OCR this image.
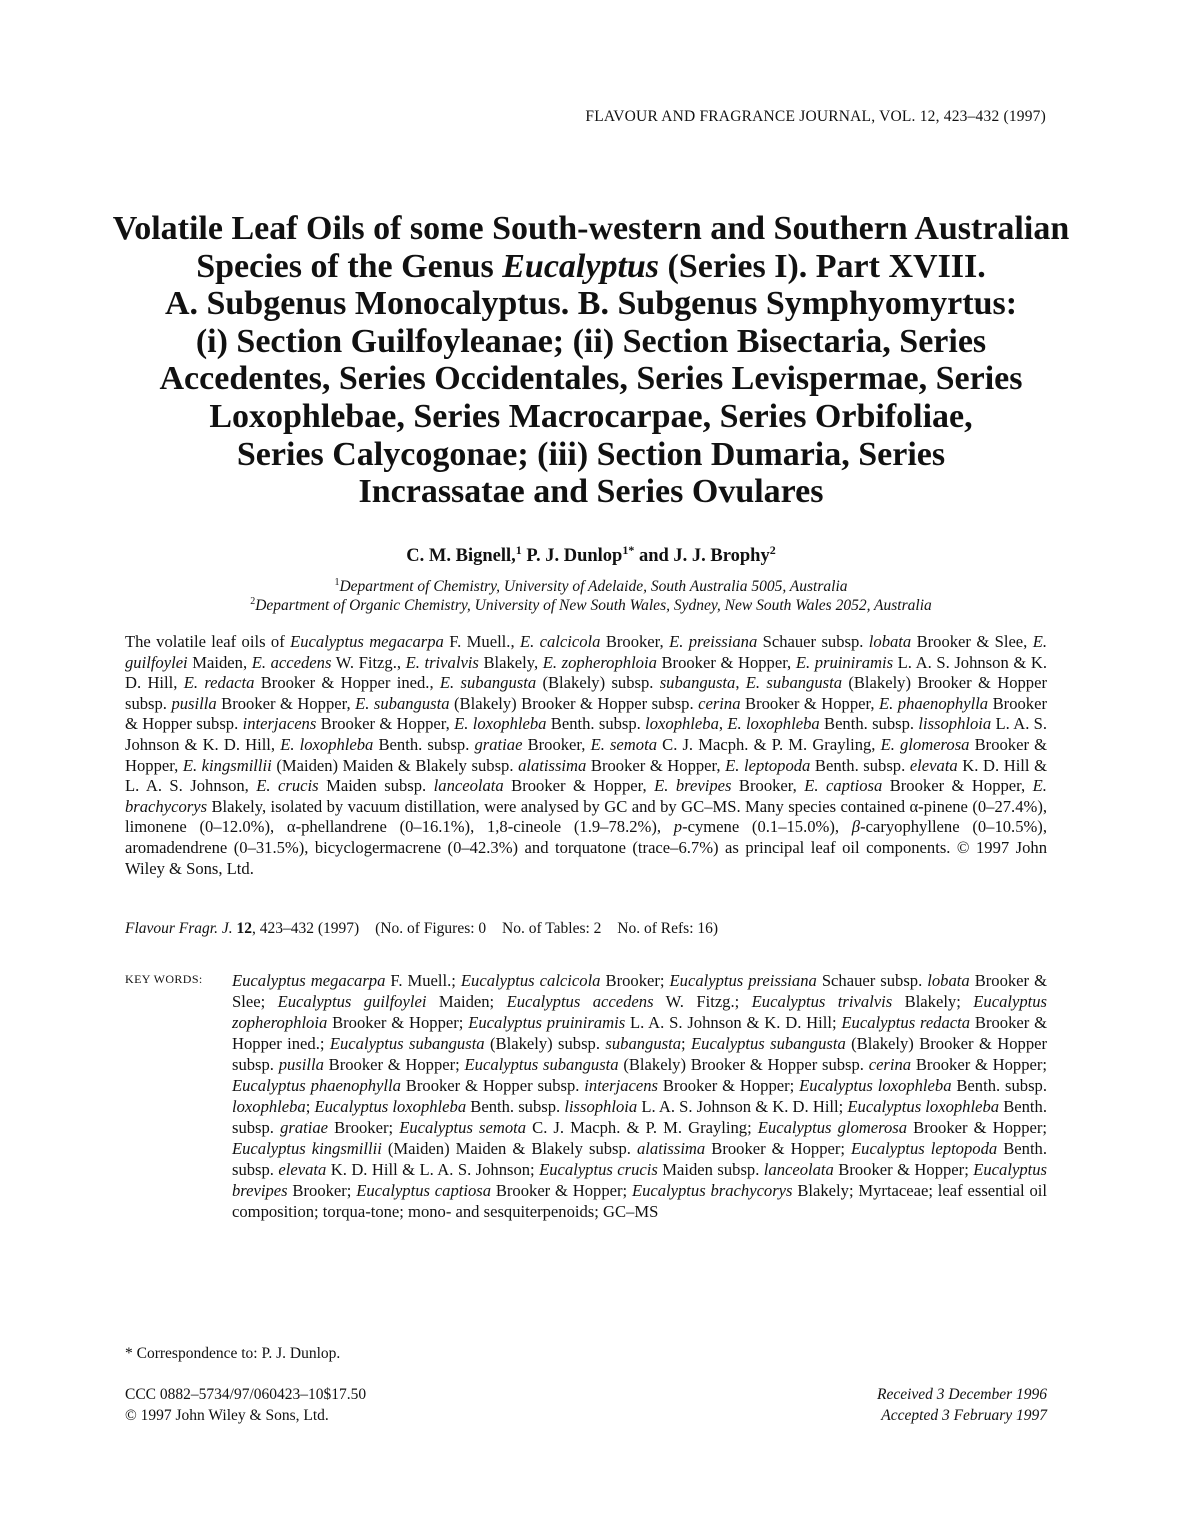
FLAVOUR AND FRAGRANCE JOURNAL, VOL. 12, 423–432 (1997)
Volatile Leaf Oils of some South-western and Southern Australian
Species of the Genus Eucalyptus (Series I). Part XVIII.
A. Subgenus Monocalyptus. B. Subgenus Symphyomyrtus:
(i) Section Guilfoyleanae; (ii) Section Bisectaria, Series
Accedentes, Series Occidentales, Series Levispermae, Series
Loxophlebae, Series Macrocarpae, Series Orbifoliae,
Series Calycogonae; (iii) Section Dumaria, Series
Incrassatae and Series Ovulares
C. M. Bignell,$^1$ P. J. Dunlop$^{1*}$ and J. J. Brophy$^2$
$^1$Department of Chemistry, University of Adelaide, South Australia 5005, Australia
$^2$Department of Organic Chemistry, University of New South Wales, Sydney, New South Wales 2052, Australia
The volatile leaf oils of Eucalyptus megacarpa F. Muell., E. calcicola Brooker, E. preissiana Schauer subsp. lobata Brooker & Slee, E. guilfoylei Maiden, E. accedens W. Fitzg., E. trivalvis Blakely, E. zopherophloia Brooker & Hopper, E. pruiniramis L. A. S. Johnson & K. D. Hill, E. redacta Brooker & Hopper ined., E. subangusta (Blakely) subsp. subangusta, E. subangusta (Blakely) Brooker & Hopper subsp. pusilla Brooker & Hopper, E. subangusta (Blakely) Brooker & Hopper subsp. cerina Brooker & Hopper, E. phaenophylla Brooker & Hopper subsp. interjacens Brooker & Hopper, E. loxophleba Benth. subsp. loxophleba, E. loxophleba Benth. subsp. lissophloia L. A. S. Johnson & K. D. Hill, E. loxophleba Benth. subsp. gratiae Brooker, E. semota C. J. Macph. & P. M. Grayling, E. glomerosa Brooker & Hopper, E. kingsmillii (Maiden) Maiden & Blakely subsp. alatissima Brooker & Hopper, E. leptopoda Benth. subsp. elevata K. D. Hill & L. A. S. Johnson, E. crucis Maiden subsp. lanceolata Brooker & Hopper, E. brevipes Brooker, E. captiosa Brooker & Hopper, E. brachycorys Blakely, isolated by vacuum distillation, were analysed by GC and by GC–MS. Many species contained α-pinene (0–27.4%), limonene (0–12.0%), α-phellandrene (0–16.1%), 1,8-cineole (1.9–78.2%), p-cymene (0.1–15.0%), β-caryophyllene (0–10.5%), aromadendrene (0–31.5%), bicyclogermacrene (0–42.3%) and torquatone (trace–6.7%) as principal leaf oil components. © 1997 John Wiley & Sons, Ltd.
Flavour Fragr. J. 12, 423–432 (1997) (No. of Figures: 0 No. of Tables: 2 No. of Refs: 16)
KEY WORDS: Eucalyptus megacarpa F. Muell.; Eucalyptus calcicola Brooker; Eucalyptus preissiana Schauer subsp. lobata Brooker & Slee; Eucalyptus guilfoylei Maiden; Eucalyptus accedens W. Fitzg.; Eucalyptus trivalvis Blakely; Eucalyptus zopherophloia Brooker & Hopper; Eucalyptus pruiniramis L. A. S. Johnson & K. D. Hill; Eucalyptus redacta Brooker & Hopper ined.; Eucalyptus subangusta (Blakely) subsp. subangusta; Eucalyptus subangusta (Blakely) Brooker & Hopper subsp. pusilla Brooker & Hopper; Eucalyptus subangusta (Blakely) Brooker & Hopper subsp. cerina Brooker & Hopper; Eucalyptus phaenophylla Brooker & Hopper subsp. interjacens Brooker & Hopper; Eucalyptus loxophleba Benth. subsp. loxophleba; Eucalyptus loxophleba Benth. subsp. lissophloia L. A. S. Johnson & K. D. Hill; Eucalyptus loxophleba Benth. subsp. gratiae Brooker; Eucalyptus semota C. J. Macph. & P. M. Grayling; Eucalyptus glomerosa Brooker & Hopper; Eucalyptus kingsmillii (Maiden) Maiden & Blakely subsp. alatissima Brooker & Hopper; Eucalyptus leptopoda Benth. subsp. elevata K. D. Hill & L. A. S. Johnson; Eucalyptus crucis Maiden subsp. lanceolata Brooker & Hopper; Eucalyptus brevipes Brooker; Eucalyptus captiosa Brooker & Hopper; Eucalyptus brachycorys Blakely; Myrtaceae; leaf essential oil composition; torqua-tone; mono- and sesquiterpenoids; GC–MS
* Correspondence to: P. J. Dunlop.
CCC 0882–5734/97/060423–10$17.50
© 1997 John Wiley & Sons, Ltd.
Received 3 December 1996
Accepted 3 February 1997
